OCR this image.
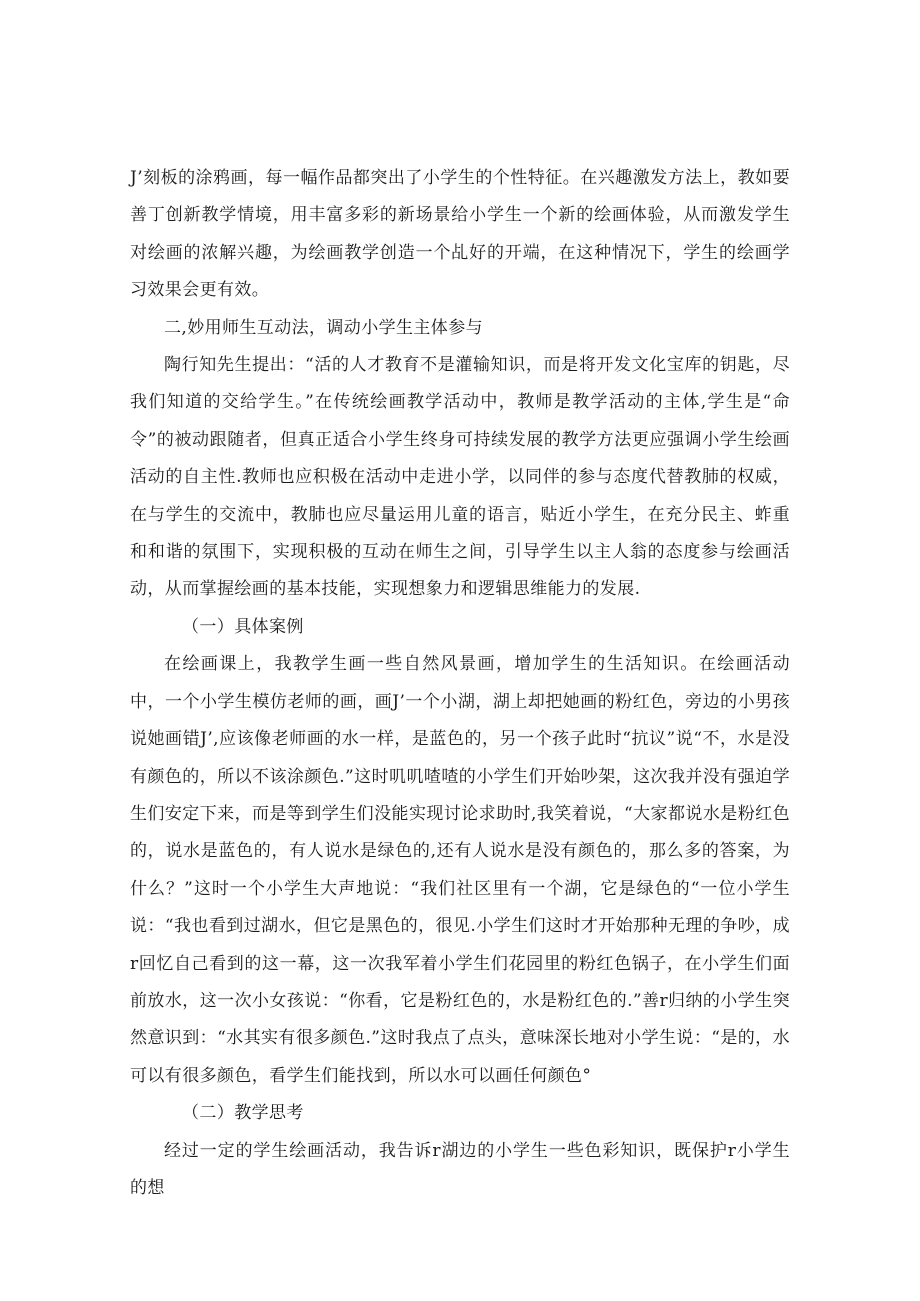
J’刻板的涂鸦画，每一幅作品都突出了小学生的个性特征。在兴趣激发方法上，教如要善丁创新教学情境，用丰富多彩的新场景给小学生一个新的绘画体验，从而激发学生对绘画的浓解兴趣，为绘画教学创造一个乩好的开端，在这种情况下，学生的绘画学习效果会更有效。

二,妙用师生互动法，调动小学生主体参与

陶行知先生提出：“活的人才教育不是灌输知识，而是将开发文化宝库的钥匙，尽我们知道的交给学生。”在传统绘画教学活动中，教师是教学活动的主体,学生是“命令”的被动跟随者，但真正适合小学生终身可持续发展的教学方法更应强调小学生绘画活动的自主性.教师也应积极在活动中走进小学，以同伴的参与态度代替教肺的权威，在与学生的交流中，教肺也应尽量运用儿童的语言，贴近小学生，在充分民主、蚱重和和谐的氛围下，实现积极的互动在师生之间，引导学生以主人翁的态度参与绘画活动，从而掌握绘画的基本技能，实现想象力和逻辑思维能力的发展.

（一）具体案例

在绘画课上，我教学生画一些自然风景画，增加学生的生活知识。在绘画活动中，一个小学生模仿老师的画，画J’一个小湖，湖上却把她画的粉红色，旁边的小男孩说她画错J’,应该像老师画的水一样，是蓝色的，另一个孩子此时“抗议”说“不，水是没有颜色的，所以不该涂颜色.”这时叽叽喳喳的小学生们开始吵架，这次我并没有强迫学生们安定下来，而是等到学生们没能实现讨论求助时,我笑着说，“大家都说水是粉红色的，说水是蓝色的，有人说水是绿色的,还有人说水是没有颜色的，那么多的答案，为什么？”这时一个小学生大声地说：“我们社区里有一个湖，它是绿色的“一位小学生说：“我也看到过湖水，但它是黑色的，很见.小学生们这时才开始那种无理的争吵，成r回忆自己看到的这一幕，这一次我军着小学生们花园里的粉红色锅子，在小学生们面前放水，这一次小女孩说：“你看，它是粉红色的，水是粉红色的.”善r归纳的小学生突然意识到：“水其实有很多颜色.”这时我点了点头，意味深长地对小学生说：“是的，水可以有很多颜色，看学生们能找到，所以水可以画任何颜色°

（二）教学思考

经过一定的学生绘画活动，我告诉r湖边的小学生一些色彩知识，既保护r小学生的想
